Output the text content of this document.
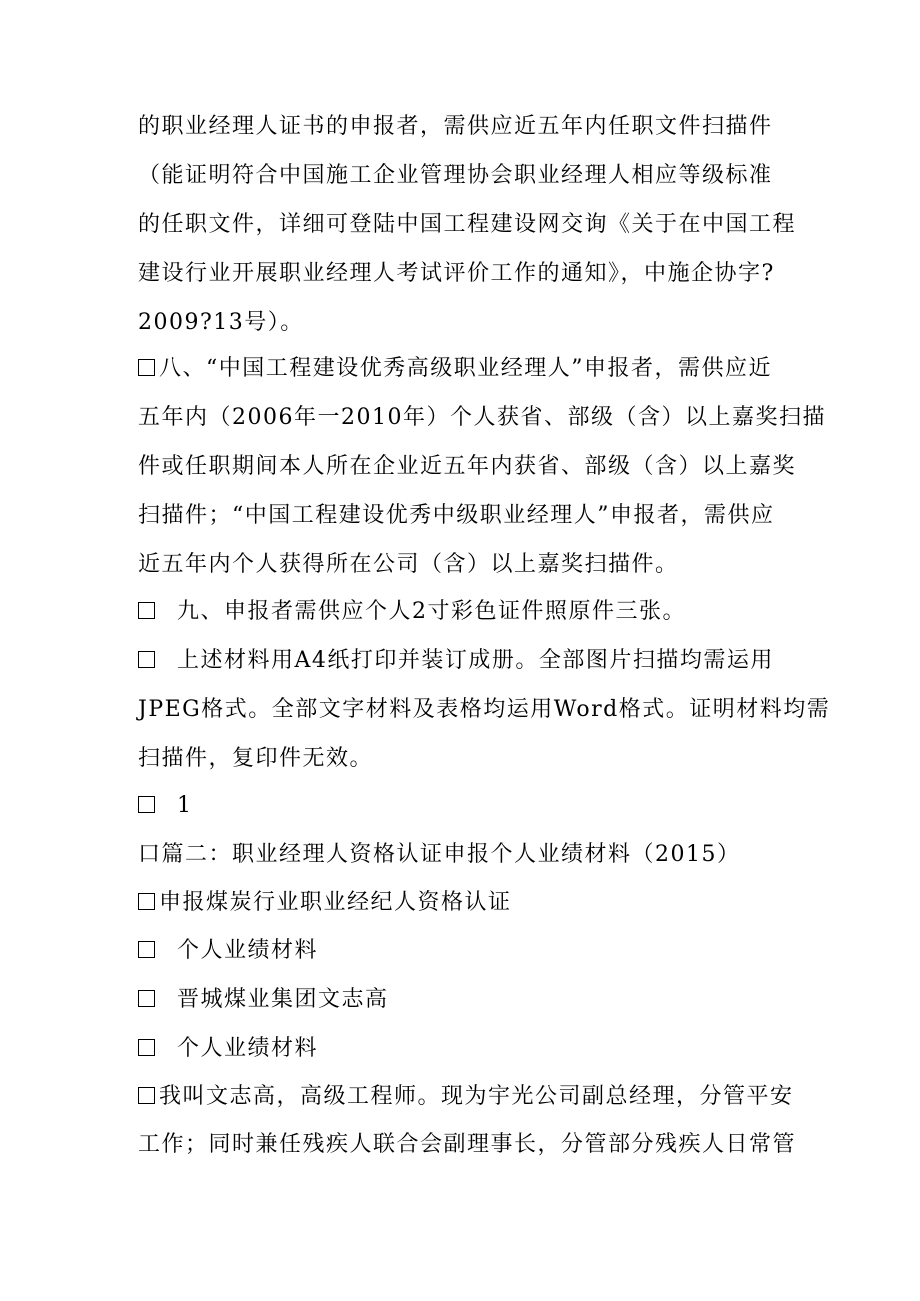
的职业经理人证书的申报者，需供应近五年内任职文件扫描件
（能证明符合中国施工企业管理协会职业经理人相应等级标准
的任职文件，详细可登陆中国工程建设网交询《关于在中国工程
建设行业开展职业经理人考试评价工作的通知》，中施企协字?
2009?13号）。
八、“中国工程建设优秀高级职业经理人”申报者，需供应近
五年内（2006年一2010年）个人获省、部级（含）以上嘉奖扫描
件或任职期间本人所在企业近五年内获省、部级（含）以上嘉奖
扫描件；“中国工程建设优秀中级职业经理人”申报者，需供应
近五年内个人获得所在公司（含）以上嘉奖扫描件。
九、申报者需供应个人2寸彩色证件照原件三张。
上述材料用A4纸打印并装订成册。全部图片扫描均需运用
JPEG格式。全部文字材料及表格均运用Word格式。证明材料均需
扫描件，复印件无效。
1
口篇二：职业经理人资格认证申报个人业绩材料（2015）
申报煤炭行业职业经纪人资格认证
个人业绩材料
晋城煤业集团文志高
个人业绩材料
我叫文志高，高级工程师。现为宇光公司副总经理，分管平安
工作；同时兼任残疾人联合会副理事长，分管部分残疾人日常管
